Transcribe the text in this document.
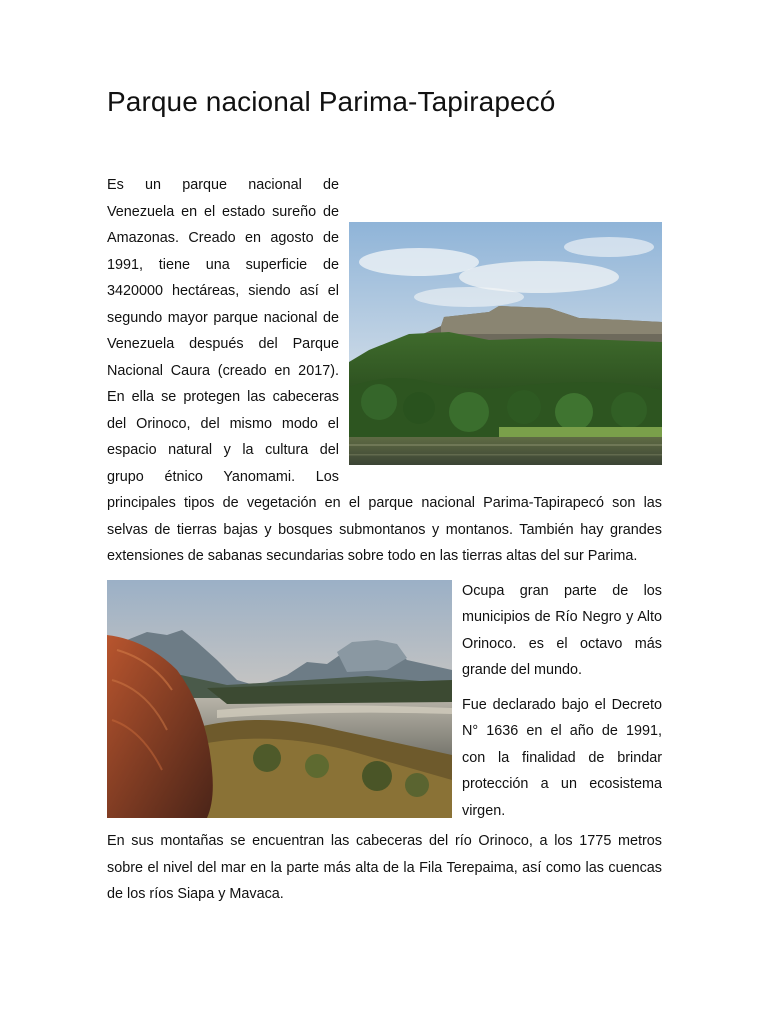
Parque nacional Parima-Tapirapecó

Es un parque nacional de Venezuela en el estado sureño de Amazonas. Creado en agosto de 1991, tiene una superficie de 3420000 hectáreas, siendo así el segundo mayor parque nacional de Venezuela después del Parque Nacional Caura (creado en 2017). En ella se protegen las cabeceras del Orinoco, del mismo modo el espacio natural y la cultura del grupo étnico Yanomami. Los principales tipos de vegetación en el parque nacional Parima-Tapirapecó son las selvas de tierras bajas y bosques submontanos y montanos. También hay grandes extensiones de sabanas secundarias sobre todo en las tierras altas del sur Parima.

Ocupa gran parte de los municipios de Río Negro y Alto Orinoco. es el octavo más grande del mundo.

Fue declarado bajo el Decreto N° 1636 en el año de 1991, con la finalidad de brindar protección a un ecosistema virgen.

En sus montañas se encuentran las cabeceras del río Orinoco, a los 1775 metros sobre el nivel del mar en la parte más alta de la Fila Terepaima, así como las cuencas de los ríos Siapa y Mavaca.
